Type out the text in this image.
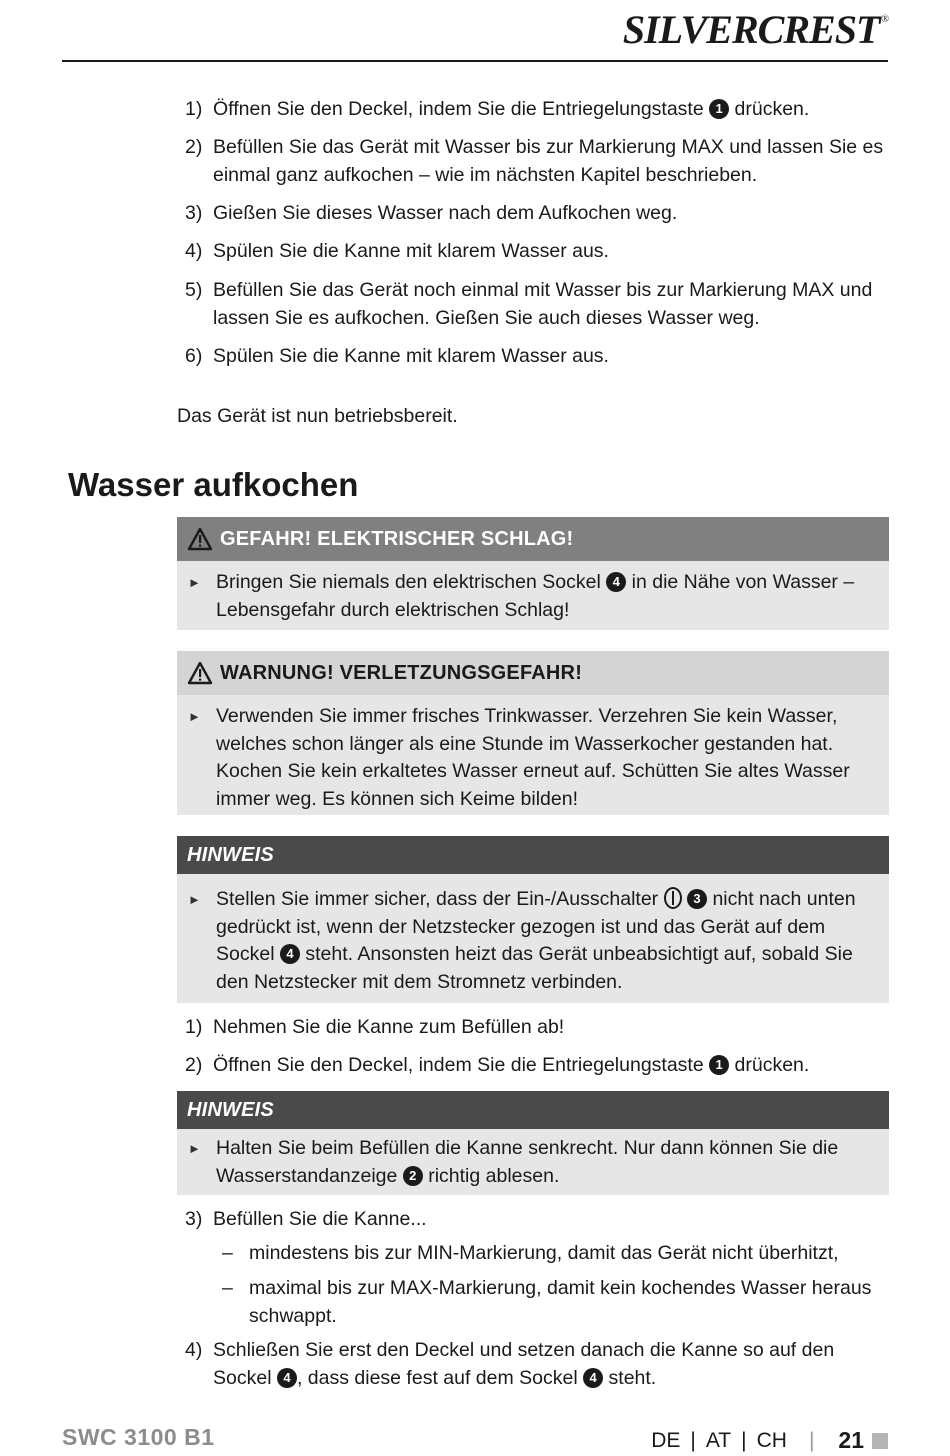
SILVERCREST ®
1) Öffnen Sie den Deckel, indem Sie die Entriegelungstaste 1 drücken.
2) Befüllen Sie das Gerät mit Wasser bis zur Markierung MAX und lassen Sie es einmal ganz aufkochen – wie im nächsten Kapitel beschrieben.
3) Gießen Sie dieses Wasser nach dem Aufkochen weg.
4) Spülen Sie die Kanne mit klarem Wasser aus.
5) Befüllen Sie das Gerät noch einmal mit Wasser bis zur Markierung MAX und lassen Sie es aufkochen. Gießen Sie auch dieses Wasser weg.
6) Spülen Sie die Kanne mit klarem Wasser aus.
Das Gerät ist nun betriebsbereit.
Wasser aufkochen
GEFAHR! ELEKTRISCHER SCHLAG!
► Bringen Sie niemals den elektrischen Sockel 4 in die Nähe von Wasser – Lebensgefahr durch elektrischen Schlag!
WARNUNG! VERLETZUNGSGEFAHR!
► Verwenden Sie immer frisches Trinkwasser. Verzehren Sie kein Wasser, welches schon länger als eine Stunde im Wasserkocher gestanden hat. Kochen Sie kein erkaltetes Wasser erneut auf. Schütten Sie altes Wasser immer weg. Es können sich Keime bilden!
HINWEIS
► Stellen Sie immer sicher, dass der Ein-/Ausschalter  3 nicht nach unten gedrückt ist, wenn der Netzstecker gezogen ist und das Gerät auf dem Sockel 4 steht. Ansonsten heizt das Gerät unbeabsichtigt auf, sobald Sie den Netzstecker mit dem Stromnetz verbinden.
1) Nehmen Sie die Kanne zum Befüllen ab!
2) Öffnen Sie den Deckel, indem Sie die Entriegelungstaste 1 drücken.
HINWEIS
► Halten Sie beim Befüllen die Kanne senkrecht. Nur dann können Sie die Wasserstandanzeige 2 richtig ablesen.
3) Befüllen Sie die Kanne...
– mindestens bis zur MIN-Markierung, damit das Gerät nicht überhitzt,
– maximal bis zur MAX-Markierung, damit kein kochendes Wasser heraus schwappt.
4) Schließen Sie erst den Deckel und setzen danach die Kanne so auf den Sockel 4 , dass diese fest auf dem Sockel 4 steht.
SWC 3100 B1	DE | AT | CH | 21
